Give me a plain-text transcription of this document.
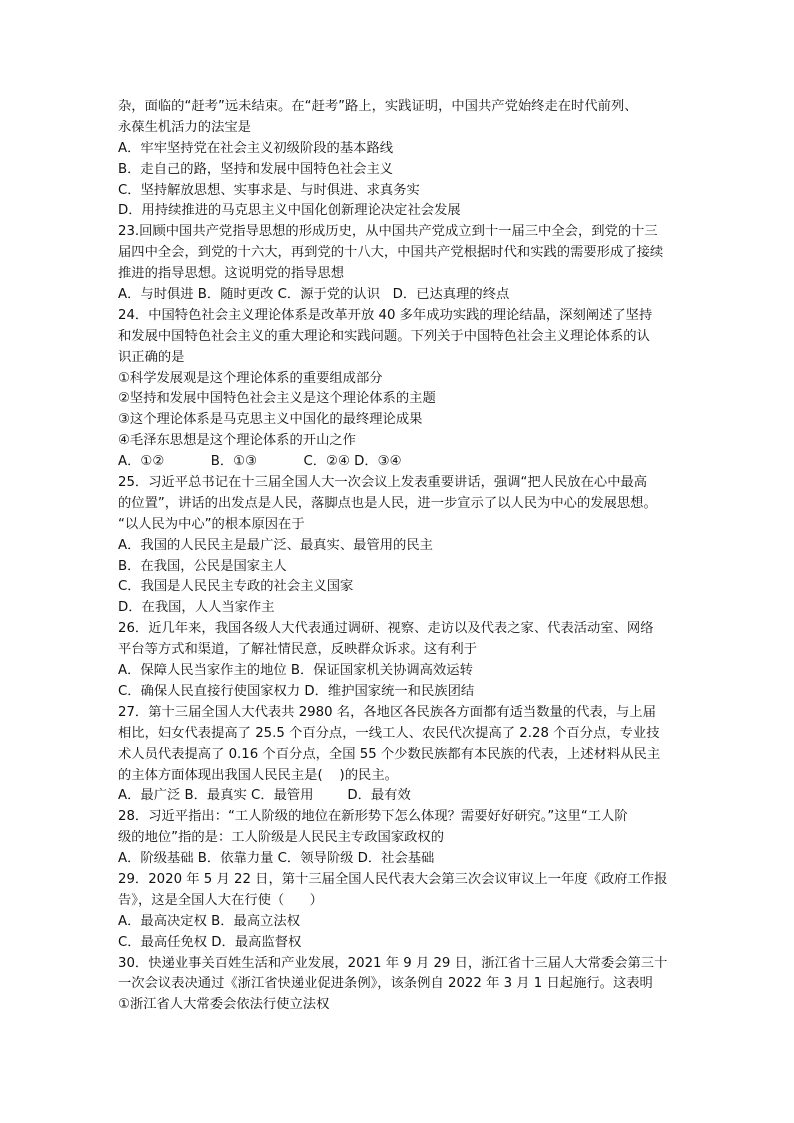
杂，面临的“赶考”远未结束。在“赶考”路上，实践证明，中国共产党始终走在时代前列、
永葆生机活力的法宝是
A．牢牢坚持党在社会主义初级阶段的基本路线
B．走自己的路，坚持和发展中国特色社会主义
C．坚持解放思想、实事求是、与时俱进、求真务实
D．用持续推进的马克思主义中国化创新理论决定社会发展
23.回顾中国共产党指导思想的形成历史，从中国共产党成立到十一届三中全会，到党的十三
届四中全会，到党的十六大，再到党的十八大，中国共产党根据时代和实践的需要形成了接续
推进的指导思想。这说明党的指导思想
A．与时俱进 B．随时更改 C．源于党的认识   D．已达真理的终点
24．中国特色社会主义理论体系是改革开放 40 多年成功实践的理论结晶，深刻阐述了坚持
和发展中国特色社会主义的重大理论和实践问题。下列关于中国特色社会主义理论体系的认
识正确的是
①科学发展观是这个理论体系的重要组成部分
②坚持和发展中国特色社会主义是这个理论体系的主题
③这个理论体系是马克思主义中国化的最终理论成果
④毛泽东思想是这个理论体系的开山之作
A．①②           B．①③           C．②④ D．③④
25．习近平总书记在十三届全国人大一次会议上发表重要讲话，强调“把人民放在心中最高
的位置”，讲话的出发点是人民，落脚点也是人民，进一步宣示了以人民为中心的发展思想。
“以人民为中心”的根本原因在于
A．我国的人民民主是最广泛、最真实、最管用的民主
B．在我国，公民是国家主人
C．我国是人民民主专政的社会主义国家
D．在我国，人人当家作主
26．近几年来，我国各级人大代表通过调研、视察、走访以及代表之家、代表活动室、网络
平台等方式和渠道，了解社情民意，反映群众诉求。这有利于
A．保障人民当家作主的地位 B．保证国家机关协调高效运转
C．确保人民直接行使国家权力 D．维护国家统一和民族团结
27．第十三届全国人大代表共 2980 名，各地区各民族各方面都有适当数量的代表，与上届
相比，妇女代表提高了 25.5 个百分点，一线工人、农民代次提高了 2.28 个百分点，专业技
术人员代表提高了 0.16 个百分点，全国 55 个少数民族都有本民族的代表，上述材料从民主
的主体方面体现出我国人民民主是(    )的民主。
A．最广泛 B．最真实 C．最管用        D．最有效
28．习近平指出：“工人阶级的地位在新形势下怎么体现？需要好好研究。”这里“工人阶
级的地位”指的是：工人阶级是人民民主专政国家政权的
A．阶级基础 B．依靠力量 C．领导阶级 D．社会基础
29．2020 年 5 月 22 日，第十三届全国人民代表大会第三次会议审议上一年度《政府工作报
告》，这是全国人大在行使（      ）
A．最高决定权 B．最高立法权
C．最高任免权 D．最高监督权
30．快递业事关百姓生活和产业发展，2021 年 9 月 29 日，浙江省十三届人大常委会第三十
一次会议表决通过《浙江省快递业促进条例》，该条例自 2022 年 3 月 1 日起施行。这表明
①浙江省人大常委会依法行使立法权
